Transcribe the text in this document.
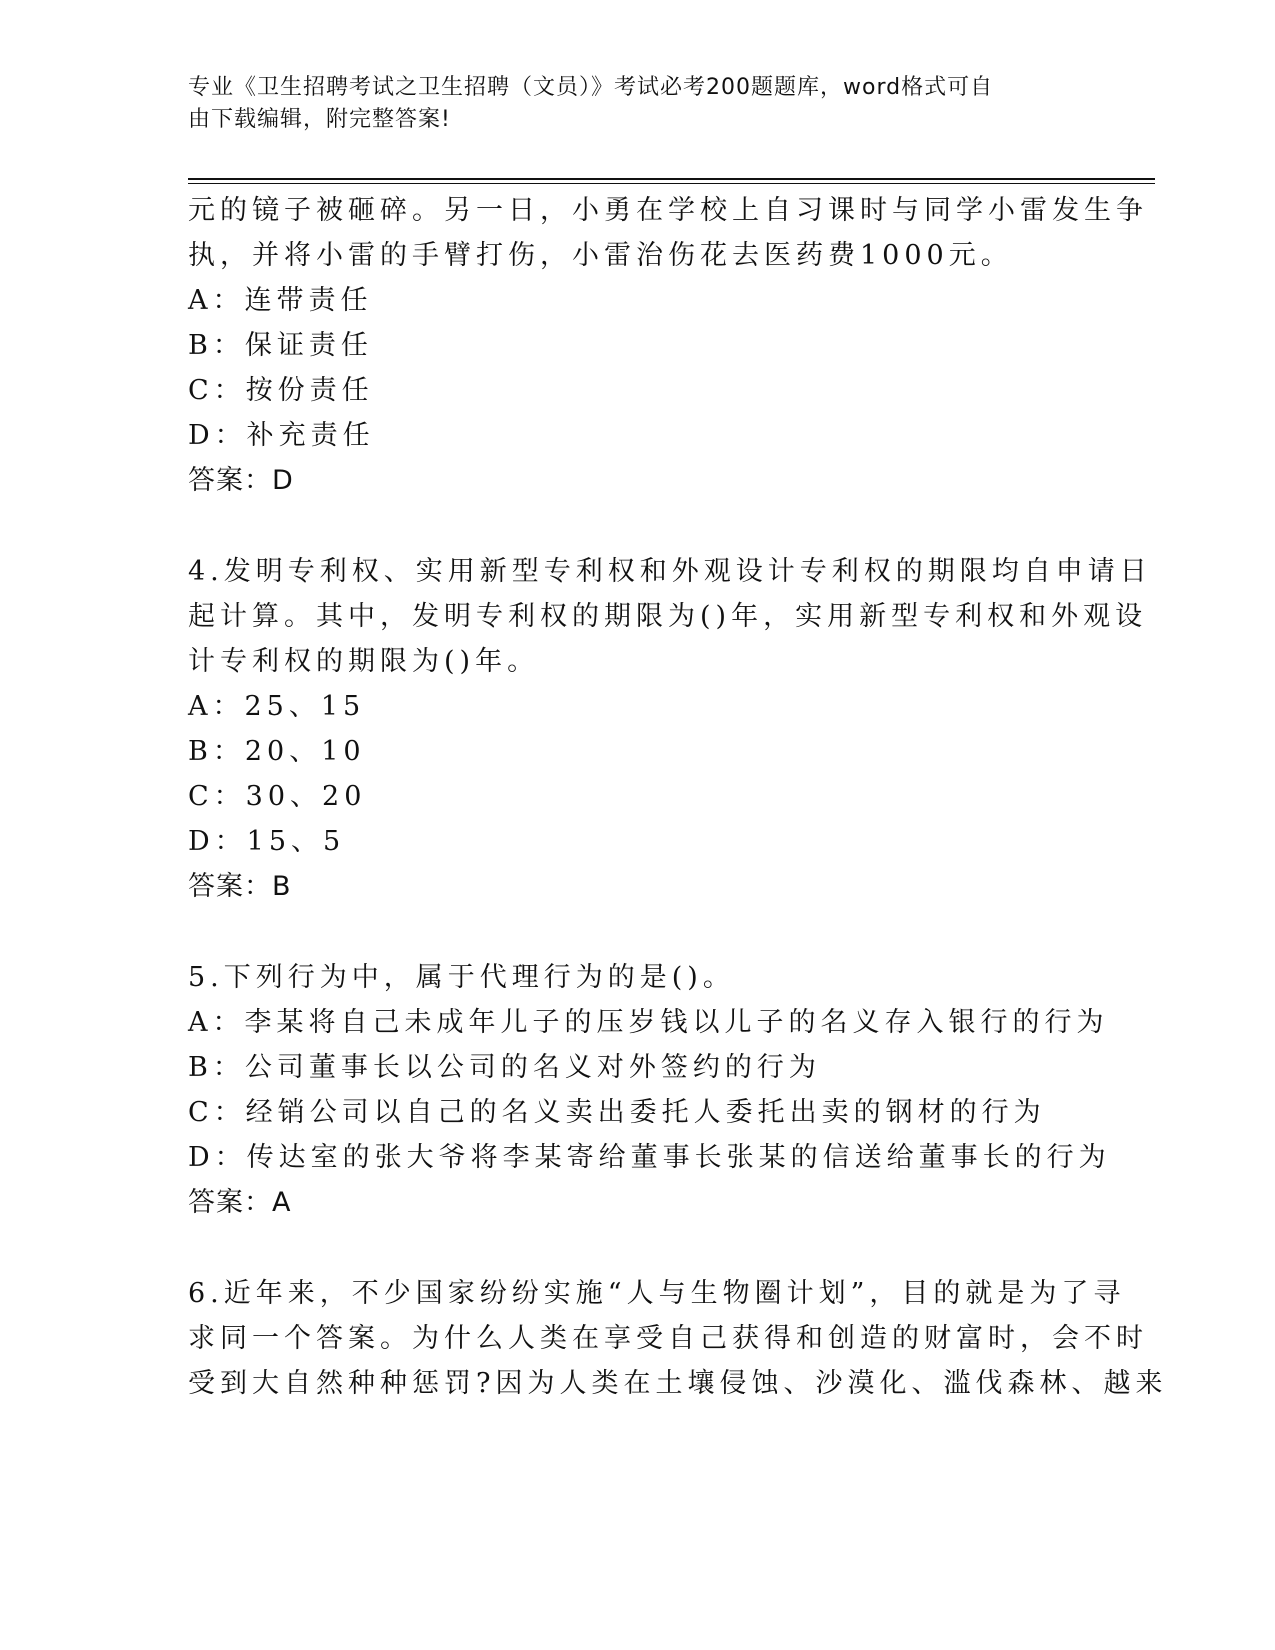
专业《卫生招聘考试之卫生招聘（文员）》考试必考200题题库，word格式可自
由下载编辑，附完整答案!
元的镜子被砸碎。另一日，小勇在学校上自习课时与同学小雷发生争
执，并将小雷的手臂打伤，小雷治伤花去医药费1000元。
A：连带责任
B：保证责任
C：按份责任
D：补充责任
答案：D
4.发明专利权、实用新型专利权和外观设计专利权的期限均自申请日
起计算。其中，发明专利权的期限为()年，实用新型专利权和外观设
计专利权的期限为()年。
A：25、15
B：20、10
C：30、20
D：15、5
答案：B
5.下列行为中，属于代理行为的是()。
A：李某将自己未成年儿子的压岁钱以儿子的名义存入银行的行为
B：公司董事长以公司的名义对外签约的行为
C：经销公司以自己的名义卖出委托人委托出卖的钢材的行为
D：传达室的张大爷将李某寄给董事长张某的信送给董事长的行为
答案：A
6.近年来，不少国家纷纷实施“人与生物圈计划”，目的就是为了寻
求同一个答案。为什么人类在享受自己获得和创造的财富时，会不时
受到大自然种种惩罚?因为人类在土壤侵蚀、沙漠化、滥伐森林、越来
